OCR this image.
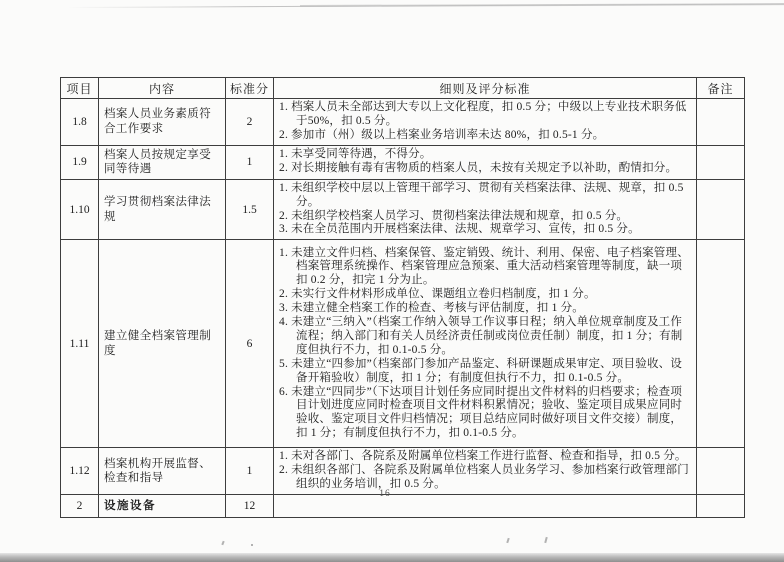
项目	内容	标准分	细则及评分标准	备注
1.8	档案人员业务素质符合工作要求	2	1. 档案人员未全部达到大专以上文化程度，扣 0.5 分；中级以上专业技术职务低于50%，扣 0.5 分。
2. 参加市（州）级以上档案业务培训率未达 80%，扣 0.5-1 分。	

1.9	档案人员按规定享受同等待遇	1	1. 未享受同等待遇，不得分。
2. 对长期接触有毒有害物质的档案人员，未按有关规定予以补助，酌情扣分。	

1.10	学习贯彻档案法律法规	1.5	1. 未组织学校中层以上管理干部学习、贯彻有关档案法律、法规、规章，扣 0.5 分。
2. 未组织学校档案人员学习、贯彻档案法律法规和规章，扣 0.5 分。
3. 未在全员范围内开展档案法律、法规、规章学习、宣传，扣 0.5 分。	

1.11	建立健全档案管理制度	6	
1. 未建立文件归档、档案保管、鉴定销毁、统计、利用、保密、电子档案管理、档案管理系统操作、档案管理应急预案、重大活动档案管理等制度，缺一项扣 0.2 分，扣完 1 分为止。
2. 未实行文件材料形成单位、课题组立卷归档制度，扣 1 分。
3. 未建立健全档案工作的检查、考核与评估制度，扣 1 分。
4. 未建立“三纳入”（档案工作纳入领导工作议事日程；纳入单位规章制度及工作流程；纳入部门和有关人员经济责任制或岗位责任制）制度，扣 1 分；有制度但执行不力，扣 0.1-0.5 分。
5. 未建立“四参加”（档案部门参加产品鉴定、科研课题成果审定、项目验收、设备开箱验收）制度，扣 1 分；有制度但执行不力，扣 0.1-0.5 分。
6. 未建立“四同步”（下达项目计划任务应同时提出文件材料的归档要求；检查项目计划进度应同时检查项目文件材料积累情况；验收、鉴定项目成果应同时验收、鉴定项目文件归档情况；项目总结应同时做好项目文件交接）制度，扣 1 分；有制度但执行不力，扣 0.1-0.5 分。

1.12	档案机构开展监督、检查和指导	1	1. 未对各部门、各院系及附属单位档案工作进行监督、检查和指导，扣 0.5 分。
2. 未组织各部门、各院系及附属单位档案人员业务学习、参加档案行政管理部门组织的业务培训，扣 0.5 分。	

2	设施设备	12		
16
